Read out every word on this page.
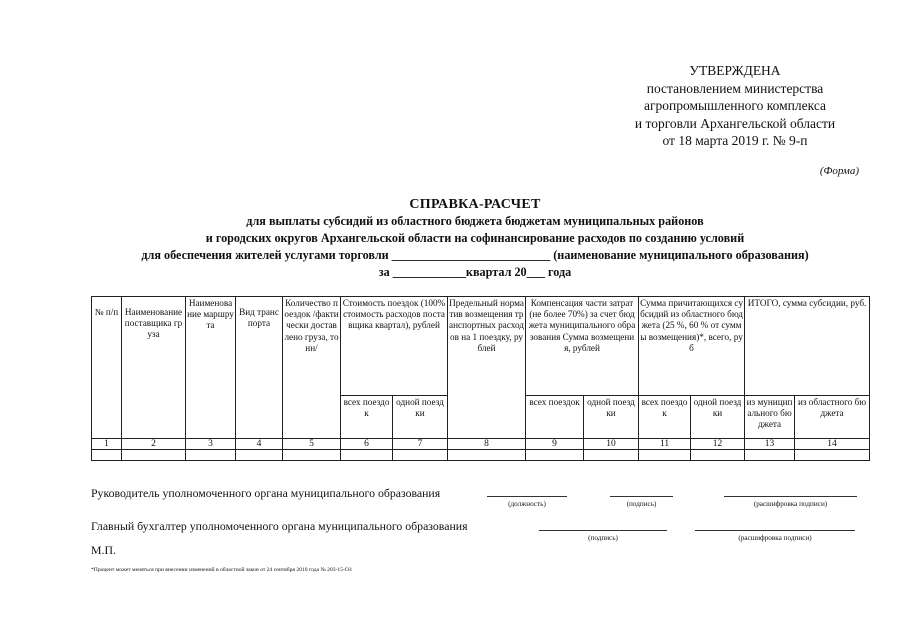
УТВЕРЖДЕНА
постановлением министерства
агропромышленного комплекса
и торговли Архангельской области
от 18 марта 2019 г. № 9-п
(Форма)
СПРАВКА-РАСЧЕТ
для выплаты субсидий из областного бюджета бюджетам муниципальных районов
и городских округов Архангельской области на софинансирование расходов по созданию условий
для обеспечения жителей услугами торговли __________________________ (наименование муниципального образования)
за ____________квартал 20___ года
№ п/п	Наименование поставщика груза	Наименование маршрута	Вид транспорта	Количество поездок /фактически доставлено груза, тонн/	Стоимость поездок (100% стоимость расходов поставщика квартал), рублей		Предельный норматив возмещения транспортных расходов на 1 поездку, рублей	Компенсация части затрат (не более 70%) за счет бюджета муниципального образования Сумма возмещения, рублей		Сумма причитающихся субсидий из областного бюджета (25 %, 60 % от суммы возмещения)*, всего, руб		ИТОГО, сумма субсидии, руб.	
					всех поездок	одной поездки		всех поездок	одной поездки	всех поездок	одной поездки	из муниципального бюджета	из областного бюджета
1	2	3	4	5	6	7	8	9	10	11	12	13	14

Руководитель уполномоченного органа муниципального образования
(должность)	(подпись)	(расшифровка подписи)
Главный бухгалтер уполномоченного органа муниципального образования
(подпись)	(расшифровка подписи)
М.П.
*Процент может меняться при внесении изменений в областной закон от 24 сентября 2010 года № 203-15-ОЗ
